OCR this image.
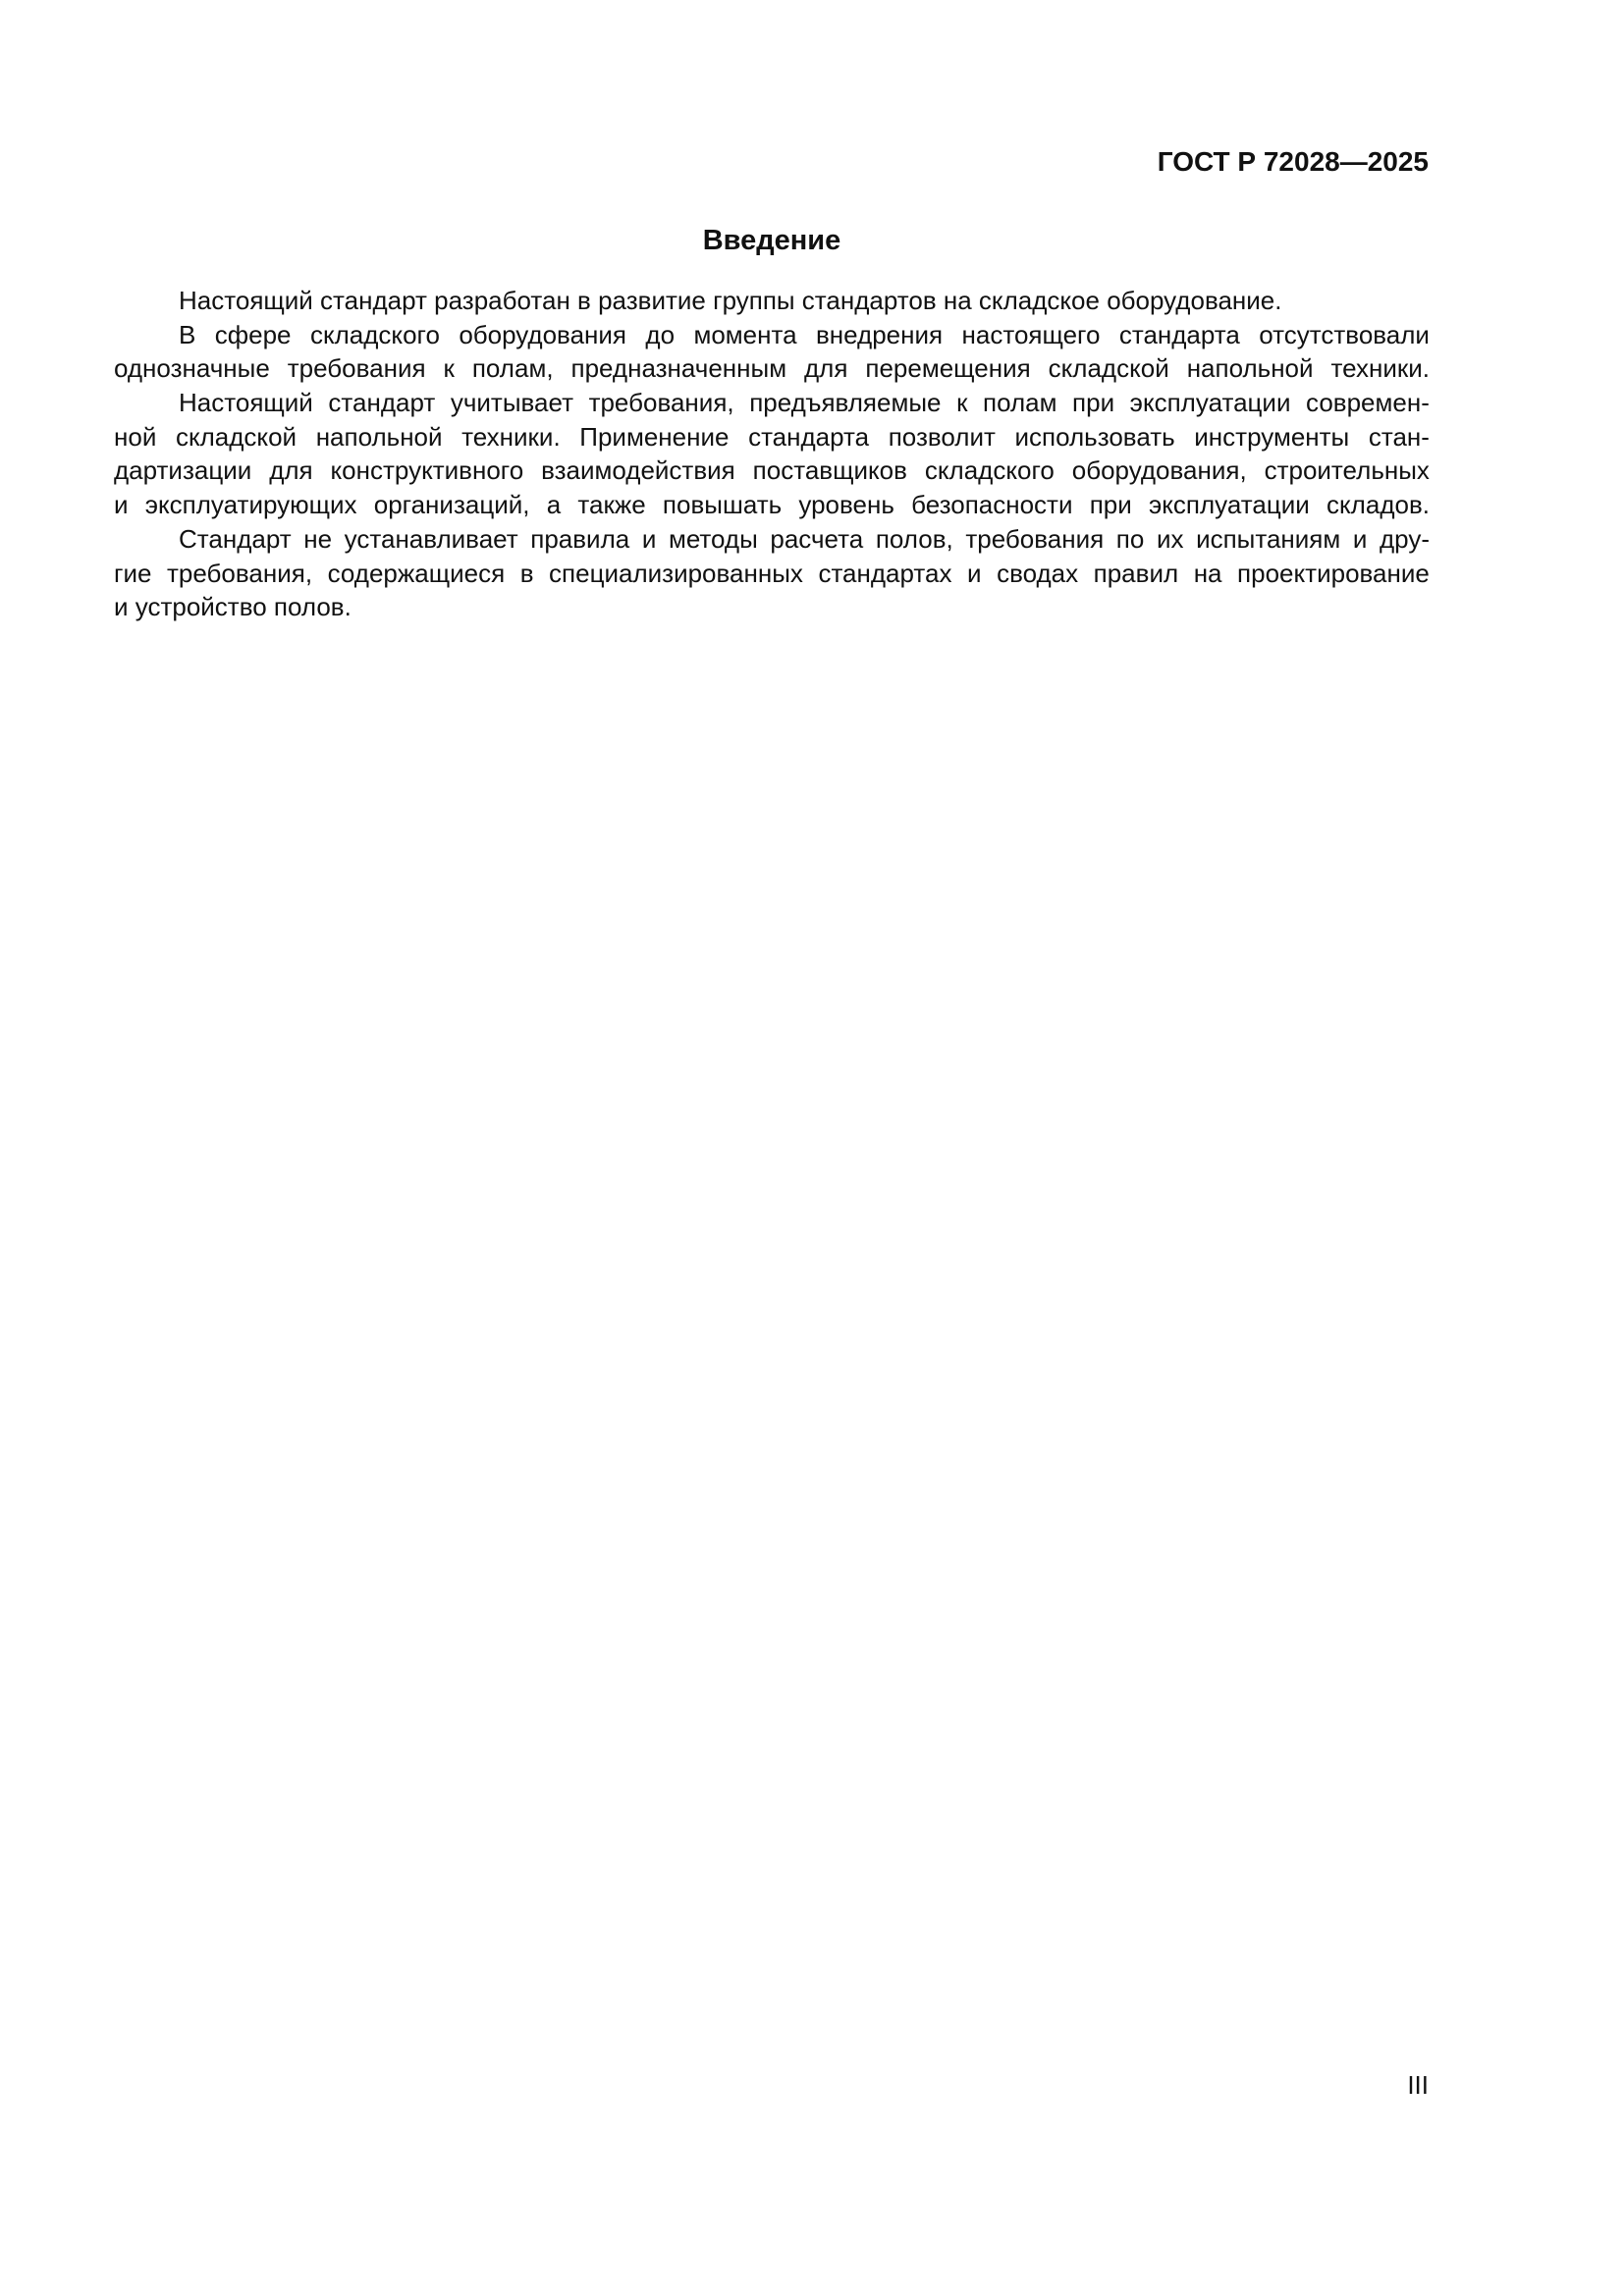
ГОСТ Р 72028—2025
Введение
Настоящий стандарт разработан в развитие группы стандартов на складское оборудование.
В сфере складского оборудования до момента внедрения настоящего стандарта отсутствовали
однозначные требования к полам, предназначенным для перемещения складской напольной техники.
Настоящий стандарт учитывает требования, предъявляемые к полам при эксплуатации современ-
ной складской напольной техники. Применение стандарта позволит использовать инструменты стан-
дартизации для конструктивного взаимодействия поставщиков складского оборудования, строительных
и эксплуатирующих организаций, а также повышать уровень безопасности при эксплуатации складов.
Стандарт не устанавливает правила и методы расчета полов, требования по их испытаниям и дру-
гие требования, содержащиеся в специализированных стандартах и сводах правил на проектирование
и устройство полов.
III
